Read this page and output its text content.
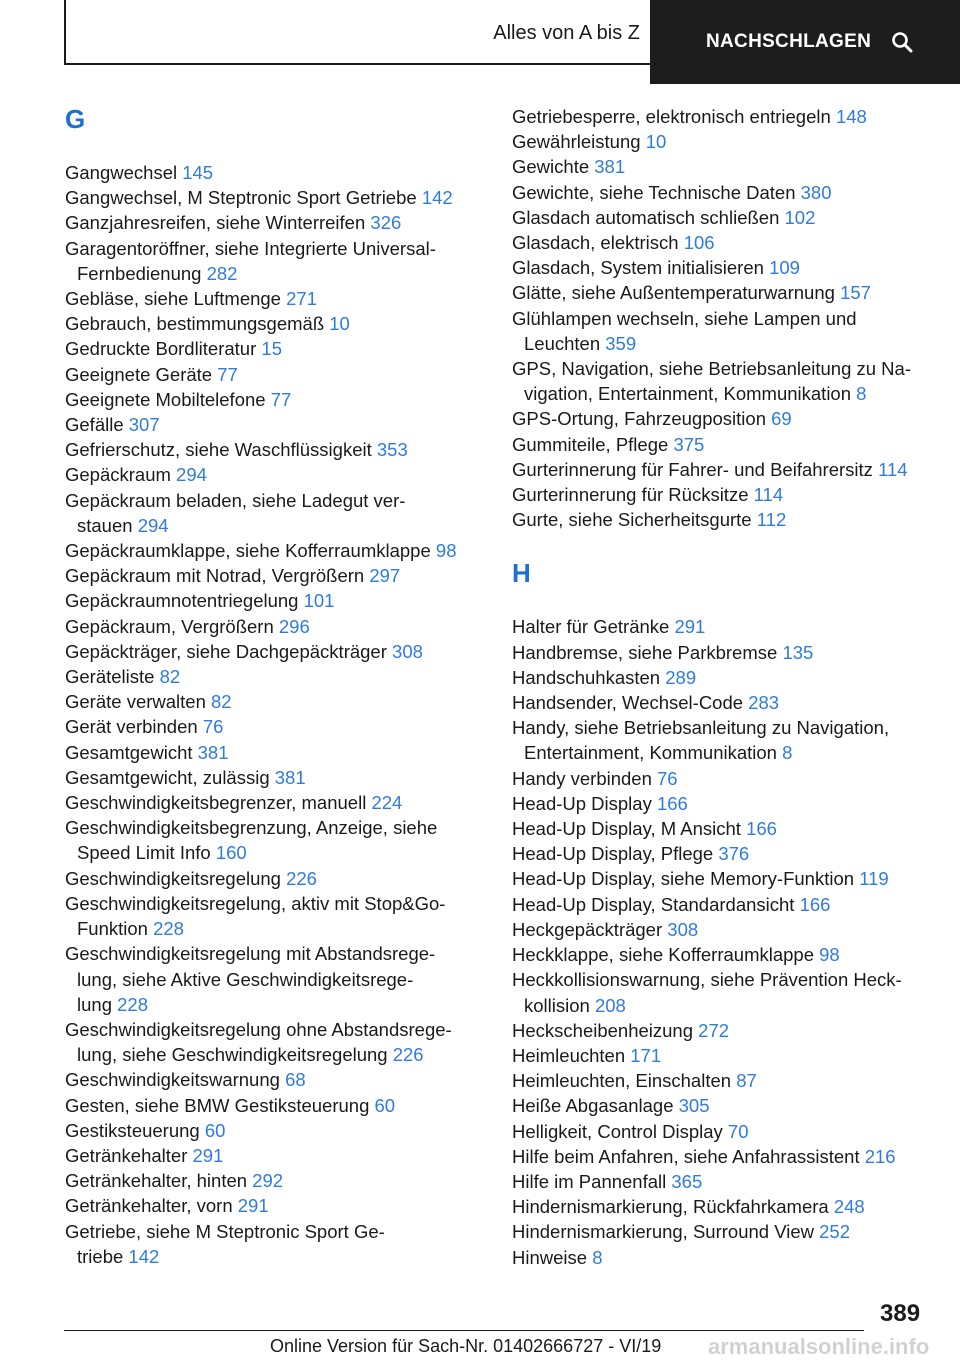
Alles von A bis Z	NACHSCHLAGEN
G
Gangwechsel 145
Gangwechsel, M Steptronic Sport Getriebe 142
Ganzjahresreifen, siehe Winterreifen 326
Garagentoröffner, siehe Integrierte Universal-
Fernbedienung 282
Gebläse, siehe Luftmenge 271
Gebrauch, bestimmungsgemäß 10
Gedruckte Bordliteratur 15
Geeignete Geräte 77
Geeignete Mobiltelefone 77
Gefälle 307
Gefrierschutz, siehe Waschflüssigkeit 353
Gepäckraum 294
Gepäckraum beladen, siehe Ladegut ver-
stauen 294
Gepäckraumklappe, siehe Kofferraumklappe 98
Gepäckraum mit Notrad, Vergrößern 297
Gepäckraumnotentriegelung 101
Gepäckraum, Vergrößern 296
Gepäckträger, siehe Dachgepäckträger 308
Geräteliste 82
Geräte verwalten 82
Gerät verbinden 76
Gesamtgewicht 381
Gesamtgewicht, zulässig 381
Geschwindigkeitsbegrenzer, manuell 224
Geschwindigkeitsbegrenzung, Anzeige, siehe
Speed Limit Info 160
Geschwindigkeitsregelung 226
Geschwindigkeitsregelung, aktiv mit Stop&Go-
Funktion 228
Geschwindigkeitsregelung mit Abstandsrege-
lung, siehe Aktive Geschwindigkeitsrege-
lung 228
Geschwindigkeitsregelung ohne Abstandsrege-
lung, siehe Geschwindigkeitsregelung 226
Geschwindigkeitswarnung 68
Gesten, siehe BMW Gestiksteuerung 60
Gestiksteuerung 60
Getränkehalter 291
Getränkehalter, hinten 292
Getränkehalter, vorn 291
Getriebe, siehe M Steptronic Sport Ge-
triebe 142
Getriebesperre, elektronisch entriegeln 148
Gewährleistung 10
Gewichte 381
Gewichte, siehe Technische Daten 380
Glasdach automatisch schließen 102
Glasdach, elektrisch 106
Glasdach, System initialisieren 109
Glätte, siehe Außentemperaturwarnung 157
Glühlampen wechseln, siehe Lampen und
Leuchten 359
GPS, Navigation, siehe Betriebsanleitung zu Na-
vigation, Entertainment, Kommunikation 8
GPS-Ortung, Fahrzeugposition 69
Gummiteile, Pflege 375
Gurterinnerung für Fahrer- und Beifahrersitz 114
Gurterinnerung für Rücksitze 114
Gurte, siehe Sicherheitsgurte 112
H
Halter für Getränke 291
Handbremse, siehe Parkbremse 135
Handschuhkasten 289
Handsender, Wechsel-Code 283
Handy, siehe Betriebsanleitung zu Navigation,
Entertainment, Kommunikation 8
Handy verbinden 76
Head-Up Display 166
Head-Up Display, M Ansicht 166
Head-Up Display, Pflege 376
Head-Up Display, siehe Memory-Funktion 119
Head-Up Display, Standardansicht 166
Heckgepäckträger 308
Heckklappe, siehe Kofferraumklappe 98
Heckkollisionswarnung, siehe Prävention Heck-
kollision 208
Heckscheibenheizung 272
Heimleuchten 171
Heimleuchten, Einschalten 87
Heiße Abgasanlage 305
Helligkeit, Control Display 70
Hilfe beim Anfahren, siehe Anfahrassistent 216
Hilfe im Pannenfall 365
Hindernismarkierung, Rückfahrkamera 248
Hindernismarkierung, Surround View 252
Hinweise 8
389
Online Version für Sach-Nr. 01402666727 - VI/19 armanualsonline.info
